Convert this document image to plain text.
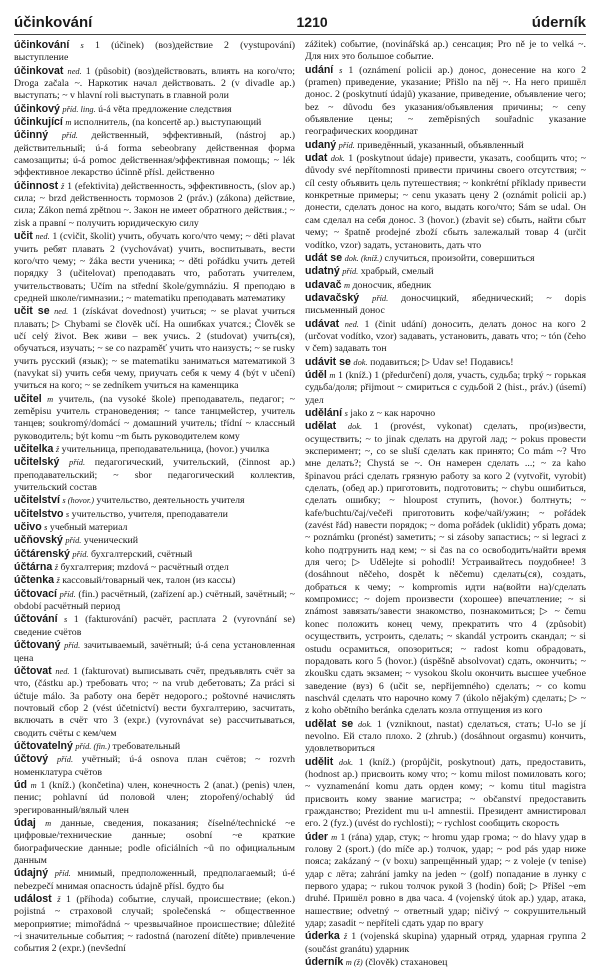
účinkování	1210	úderník

účinkování s 1 (účinek) (воз)действие 2 (vystupování) выступление

účinkovat ned. 1 (působit) (воз)действовать, влиять на кого/что; Droga začala ~. Наркотик начал действовать. 2 (v divadle ap.) выступать; ~ v hlavní roli выступать в главной роли

účinkový příd. ling. ú-á věta предложение следствия

účinkující m исполнитель, (na koncertě ap.) выступающий

účinný příd. действенный, эффективный, (nástroj ap.) действительный; ú-á forma sebeobrany действенная форма самозащиты; ú-á pomoc действенная/эффективная помощь; ~ lék эффективное лекарство účinně přísl. действенно

účinnost ž 1 (efektivita) действенность, эффективность, (slov ap.) сила; ~ brzd действенность тормозов 2 (práv.) (zákona) действие, сила; Zákon nemá zpětnou ~. Закон не имеет обратного действия.; ~ zisk а правní ~ получить юридическую силу

učit ned. 1 (cvičit, školit) учить, обучать кого/что чему; ~ děti plavat учить ребят плавать 2 (vychovávat) учить, воспитывать, вести кого/что чему; ~ žáka вести ученика; ~ děti pořádku учить детей порядку 3 (učitelovat) преподавать что, работать учителем, учительствовать; Učím na střední škole/gymnáziu. Я преподаю в средней школе/гимназии.; ~ matematiku преподавать математику

učit se ned. 1 (získávat dovednost) учиться; ~ se plavat учиться плавать; ▷ Chybami se člověk učí. На ошибках учатся.; Člověk se učí celý život. Век живи – век учись. 2 (studovat) учить(ся), обучаться, изучать; ~ se co nazpaměť учить что наизусть; ~ se rusky учить русский (язык); ~ se matematiku заниматься математикой 3 (navykat si) учить себя чему, приучать себя к чему 4 (být v učení) учиться на кого; ~ se zedníkem учиться на каменщика

učitel m учитель, (na vysoké škole) преподаватель, педагог; ~ zeměpisu учитель страноведения; ~ tance танцмейстер, учитель танцев; soukromý/domácí ~ домашний учитель; třídní ~ классный руководитель; být komu ~m быть руководителем кому

učitelka ž учительница, преподавательница, (hovor.) училка

učitelský příd. педагогический, учительский, (činnost ap.) преподавательский; ~ sbor педагогический коллектив, учительский состав

učitelství s (hovor.) учительство, деятельность учителя

učitelstvo s учительство, учителя, преподаватели

učivo s учебный материал

učňovský příd. ученический

účtárenský příd. бухгалтерский, счётный

účtárna ž бухгалтерия; mzdová ~ расчётный отдел

účtenka ž кассовый/товарный чек, талон (из кассы)

účtovací příd. (fin.) расчётный, (zařízení ap.) счётный, зачётный; ~ období расчётный период

účtování s 1 (fakturování) расчёт, расплата 2 (vyrovnání se) сведение счётов

účtovaný příd. зачитываемый, зачётный; ú-á cena установленная цена

účtovat ned. 1 (fakturovat) выписывать счёт, предъявлять счёт за что, (částku ap.) требовать что; ~ na vrub дебетовать; Za práci si účtuje málo. За работу она берёт недорого.; poštovné начислять почтовый сбор 2 (vést účetnictví) вести бухгалтерию, засчитать, включать в счёт что 3 (expr.) (vyrovnávat se) рассчитываться, сводить счёты с кем/чем

účtovatelný příd. (fin.) требовательный

účtový příd. учётный; ú-á osnova план счётов; ~ rozvrh номенклатура счётов

úd m 1 (kníž.) (končetina) член, конечность 2 (anat.) (penis) член, пенис; pohlavní úd половой член; ztopořený/ochablý úd эрегированный/вялый член

údaj m данные, сведения, показания; číselné/technické ~e цифровые/технические данные; osobní ~e краткие биографические данные; podle oficiálních ~ů по официальным данным

údajný příd. мнимый, предположенный, предполагаемый; ú-é nebezpečí мнимая опасность údajně přísl. будто бы

událost ž 1 (příhoda) событие, случай, происшествие; (ekon.) pojistná ~ страховой случай; společenská ~ общественное мероприятие; mimořádná ~ чрезвычайное происшествие; důležité ~i значительные события; ~ radostná (narození dítěte) привлечение события 2 (expr.) (nevšední

zážitek) событие, (novinářská ap.) сенсация; Pro ně je to velká ~. Для них это большое событие.

udání s 1 (oznámení policii ap.) донос, донесение на кого 2 (pramen) приведение, указание; Přišlo na něj ~. На него пришёл донос. 2 (poskytnutí údajů) указание, приведение, объявление чего; bez ~ důvodu без указания/объявления причины; ~ ceny объявление цены; ~ zeměpisných souřadnic указание географических координат

udaný příd. приведённый, указанный, объявленный

udat dok. 1 (poskytnout údaje) привести, указать, сообщить что; ~ důvody své nepřítomnosti привести причины своего отсутствия; ~ cíl cesty объявить цель путешествия; ~ konkrétní příklady привести конкретные примеры; ~ cenu указать цену 2 (oznámit policii ap.) донести, сделать донос на кого, выдать кого/что; Sám se udal. Он сам сделал на себя донос. 3 (hovor.) (zbavit se) сбыть, найти сбыт чему; ~ špatně prodejné zboží сбыть залежалый товар 4 (určit vodítko, vzor) задать, установить, дать что

udát se dok. (kníž.) случиться, произойти, совершиться

udatný příd. храбрый, смелый

udavač m доносчик, ябедник

udavačský příd. доносчицкий, ябеднический; ~ dopis письменный донос

udávat ned. 1 (činit udání) доносить, делать донос на кого 2 (určovat vodítko, vzor) задавать, установить, давать что; ~ tón (čeho v čem) задавать тон

udávit se dok. подавиться; ▷ Udav se! Подавись!

úděl m 1 (kníž.) 1 (předurčení) доля, участь, судьба; trpký ~ горькая судьба/доля; přijmout ~ смириться с судьбой 2 (hist., práv.) (úsemí) удел

udělání s jako z ~ как нарочно

udělat dok. 1 (provést, vykonat) сделать, про(из)вести, осуществить; ~ to jinak сделать на другой лад; ~ pokus провести эксперимент; ~, co se sluší сделать как принято; Co mám ~? Что мне делать?; Chystá se ~. Он намерен сделать ...; ~ za kaho špinavou práci сделать грязную работу за кого 2 (vytvořit, vyrobit) сделать, (обед ap.) приготовить, подготовить; ~ chybu ошибиться, сделать ошибку; ~ hloupost ступить, (hovor.) болтнуть; ~ kafe/buchtu/čaj/večeři приготовить кофе/чай/ужин; ~ pořádek (zavést řád) навести порядок; ~ doma pořádek (uklidit) убрать дома; ~ poznámku (pronést) заметить; ~ si zásoby запастись; ~ si legraci z koho подтрунить над кем; ~ si čas na co освободить/найти время для чего; ▷ Udělejte si pohodlí! Устраивайтесь поудобнее! 3 (dosáhnout něčeho, dospět k něčemu) сделать(ся), создать, добраться к чему; ~ kompromis идти на(войти на)/сделать компромисс; ~ dojem произвести (хорошее) впечатление; ~ si známost завязать/завести знакомство, познакомиться; ▷ ~ čemu konec положить конец чему, прекратить что 4 (způsobit) осуществить, устроить, сделать; ~ skandál устроить скандал; ~ si ostudu осрамиться, опозориться; ~ radost komu обрадовать, порадовать кого 5 (hovor.) (úspěšně absolvovat) сдать, окончить; ~ zkoušku сдать экзамен; ~ vysokou školu окончить высшее учебное заведение (вуз) 6 (učit se, nepřijemného) сделать; ~ co komu naschvál сделать что нарочно кому 7 (úkolo nějakým) сделать; ▷ ~ z koho obětního beránka сделать козла отпущения из кого

udělat se dok. 1 (vzniknout, nastat) сделаться, стать; U-lo se jí nevolno. Ей стало плохо. 2 (zhrub.) (dosáhnout orgasmu) кончить, удовлетворитьcя

udělit dok. 1 (kníž.) (propůjčit, poskytnout) дать, предоставить, (hodnost ap.) присвоить кому что; ~ komu milost помиловать кого; ~ vyznamenání komu дать орден кому; ~ komu titul magistra присвоить кому звание магистра; ~ občanství предоставить гражданство; Prezident mu u-l amnestii. Президент амнистировал его. 2 (fyz.) (uvést do rychlosti); ~ rychlost сообщить скорость

úder m 1 (rána) удар, стук; ~ hromu удар грома; ~ do hlavy удар в голову 2 (sport.) (do míče ap.) толчок, удар; ~ pod pás удар ниже пояса; zakázaný ~ (v boxu) запрещённый удар; ~ z voleje (v tenise) удар с лёта; zahrání jamky na jeden ~ (golf) попадание в лунку с первого удара; ~ rukou толчок рукой 3 (hodin) бой; ▷ Přišel ~em druhé. Пришёл ровно в два часа. 4 (vojenský útok ap.) удар, атака, нашествие; odvetný ~ ответный удар; ničivý ~ сокрушительный удар; zasadit ~ nepříteli сдать удар по врагу

úderka ž 1 (vojenská skupina) ударный отряд, ударная группа 2 (součást granátu) ударник

úderník m (ž) (člověk) стахановец
